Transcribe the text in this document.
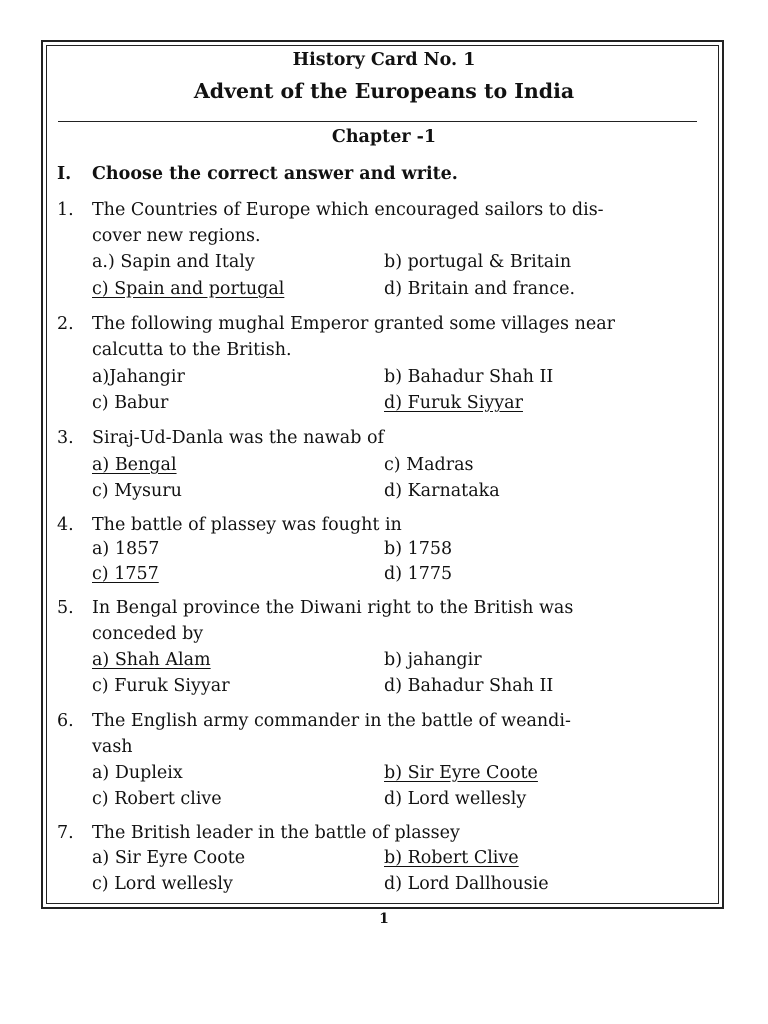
History Card No. 1
Advent of the Europeans to India
Chapter -1
I. Choose the correct answer and write.
1. The Countries of Europe which encouraged sailors to dis-
cover new regions.
a.) Sapin and Italy	b) portugal & Britain
c) Spain and portugal	d) Britain and france.
2. The following mughal Emperor granted some villages near
calcutta to the British.
a)Jahangir	b) Bahadur Shah II
c) Babur	d) Furuk Siyyar
3. Siraj-Ud-Danla was the nawab of
a) Bengal	c) Madras
c) Mysuru	d) Karnataka
4. The battle of plassey was fought in
a) 1857	b) 1758
c) 1757	d) 1775
5. In Bengal province the Diwani right to the British was
conceded by
a) Shah Alam	b) jahangir
c) Furuk Siyyar	d) Bahadur Shah II
6. The English army commander in the battle of weandi-
vash
a) Dupleix	b) Sir Eyre Coote
c) Robert clive	d) Lord wellesly
7. The British leader in the battle of plassey
a) Sir Eyre Coote	b) Robert Clive
c) Lord wellesly	d) Lord Dallhousie
1
